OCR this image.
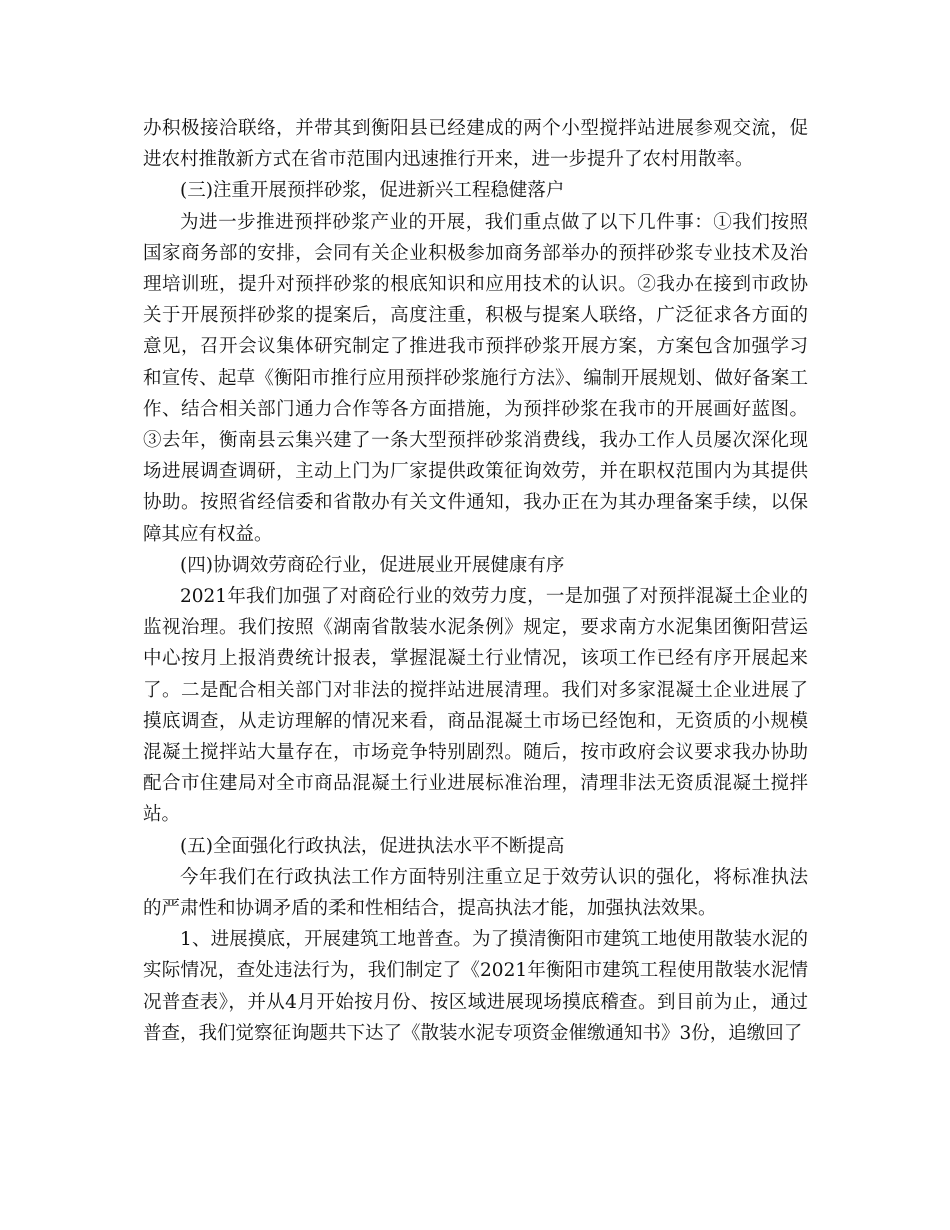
办积极接洽联络，并带其到衡阳县已经建成的两个小型搅拌站进展参观交流，促进农村推散新方式在省市范围内迅速推行开来，进一步提升了农村用散率。

(三)注重开展预拌砂浆，促进新兴工程稳健落户

为进一步推进预拌砂浆产业的开展，我们重点做了以下几件事：①我们按照国家商务部的安排，会同有关企业积极参加商务部举办的预拌砂浆专业技术及治理培训班，提升对预拌砂浆的根底知识和应用技术的认识。②我办在接到市政协关于开展预拌砂浆的提案后，高度注重，积极与提案人联络，广泛征求各方面的意见，召开会议集体研究制定了推进我市预拌砂浆开展方案，方案包含加强学习和宣传、起草《衡阳市推行应用预拌砂浆施行方法》、编制开展规划、做好备案工作、结合相关部门通力合作等各方面措施，为预拌砂浆在我市的开展画好蓝图。③去年，衡南县云集兴建了一条大型预拌砂浆消费线，我办工作人员屡次深化现场进展调查调研，主动上门为厂家提供政策征询效劳，并在职权范围内为其提供协助。按照省经信委和省散办有关文件通知，我办正在为其办理备案手续，以保障其应有权益。

(四)协调效劳商砼行业，促进展业开展健康有序

2021年我们加强了对商砼行业的效劳力度，一是加强了对预拌混凝土企业的监视治理。我们按照《湖南省散装水泥条例》规定，要求南方水泥集团衡阳营运中心按月上报消费统计报表，掌握混凝土行业情况，该项工作已经有序开展起来了。二是配合相关部门对非法的搅拌站进展清理。我们对多家混凝土企业进展了摸底调查，从走访理解的情况来看，商品混凝土市场已经饱和，无资质的小规模混凝土搅拌站大量存在，市场竞争特别剧烈。随后，按市政府会议要求我办协助配合市住建局对全市商品混凝土行业进展标准治理，清理非法无资质混凝土搅拌站。

(五)全面强化行政执法，促进执法水平不断提高

今年我们在行政执法工作方面特别注重立足于效劳认识的强化，将标准执法的严肃性和协调矛盾的柔和性相结合，提高执法才能，加强执法效果。

1、进展摸底，开展建筑工地普查。为了摸清衡阳市建筑工地使用散装水泥的实际情况，查处违法行为，我们制定了《2021年衡阳市建筑工程使用散装水泥情况普查表》，并从4月开始按月份、按区域进展现场摸底稽查。到目前为止，通过普查，我们觉察征询题共下达了《散装水泥专项资金催缴通知书》3份，追缴回了
